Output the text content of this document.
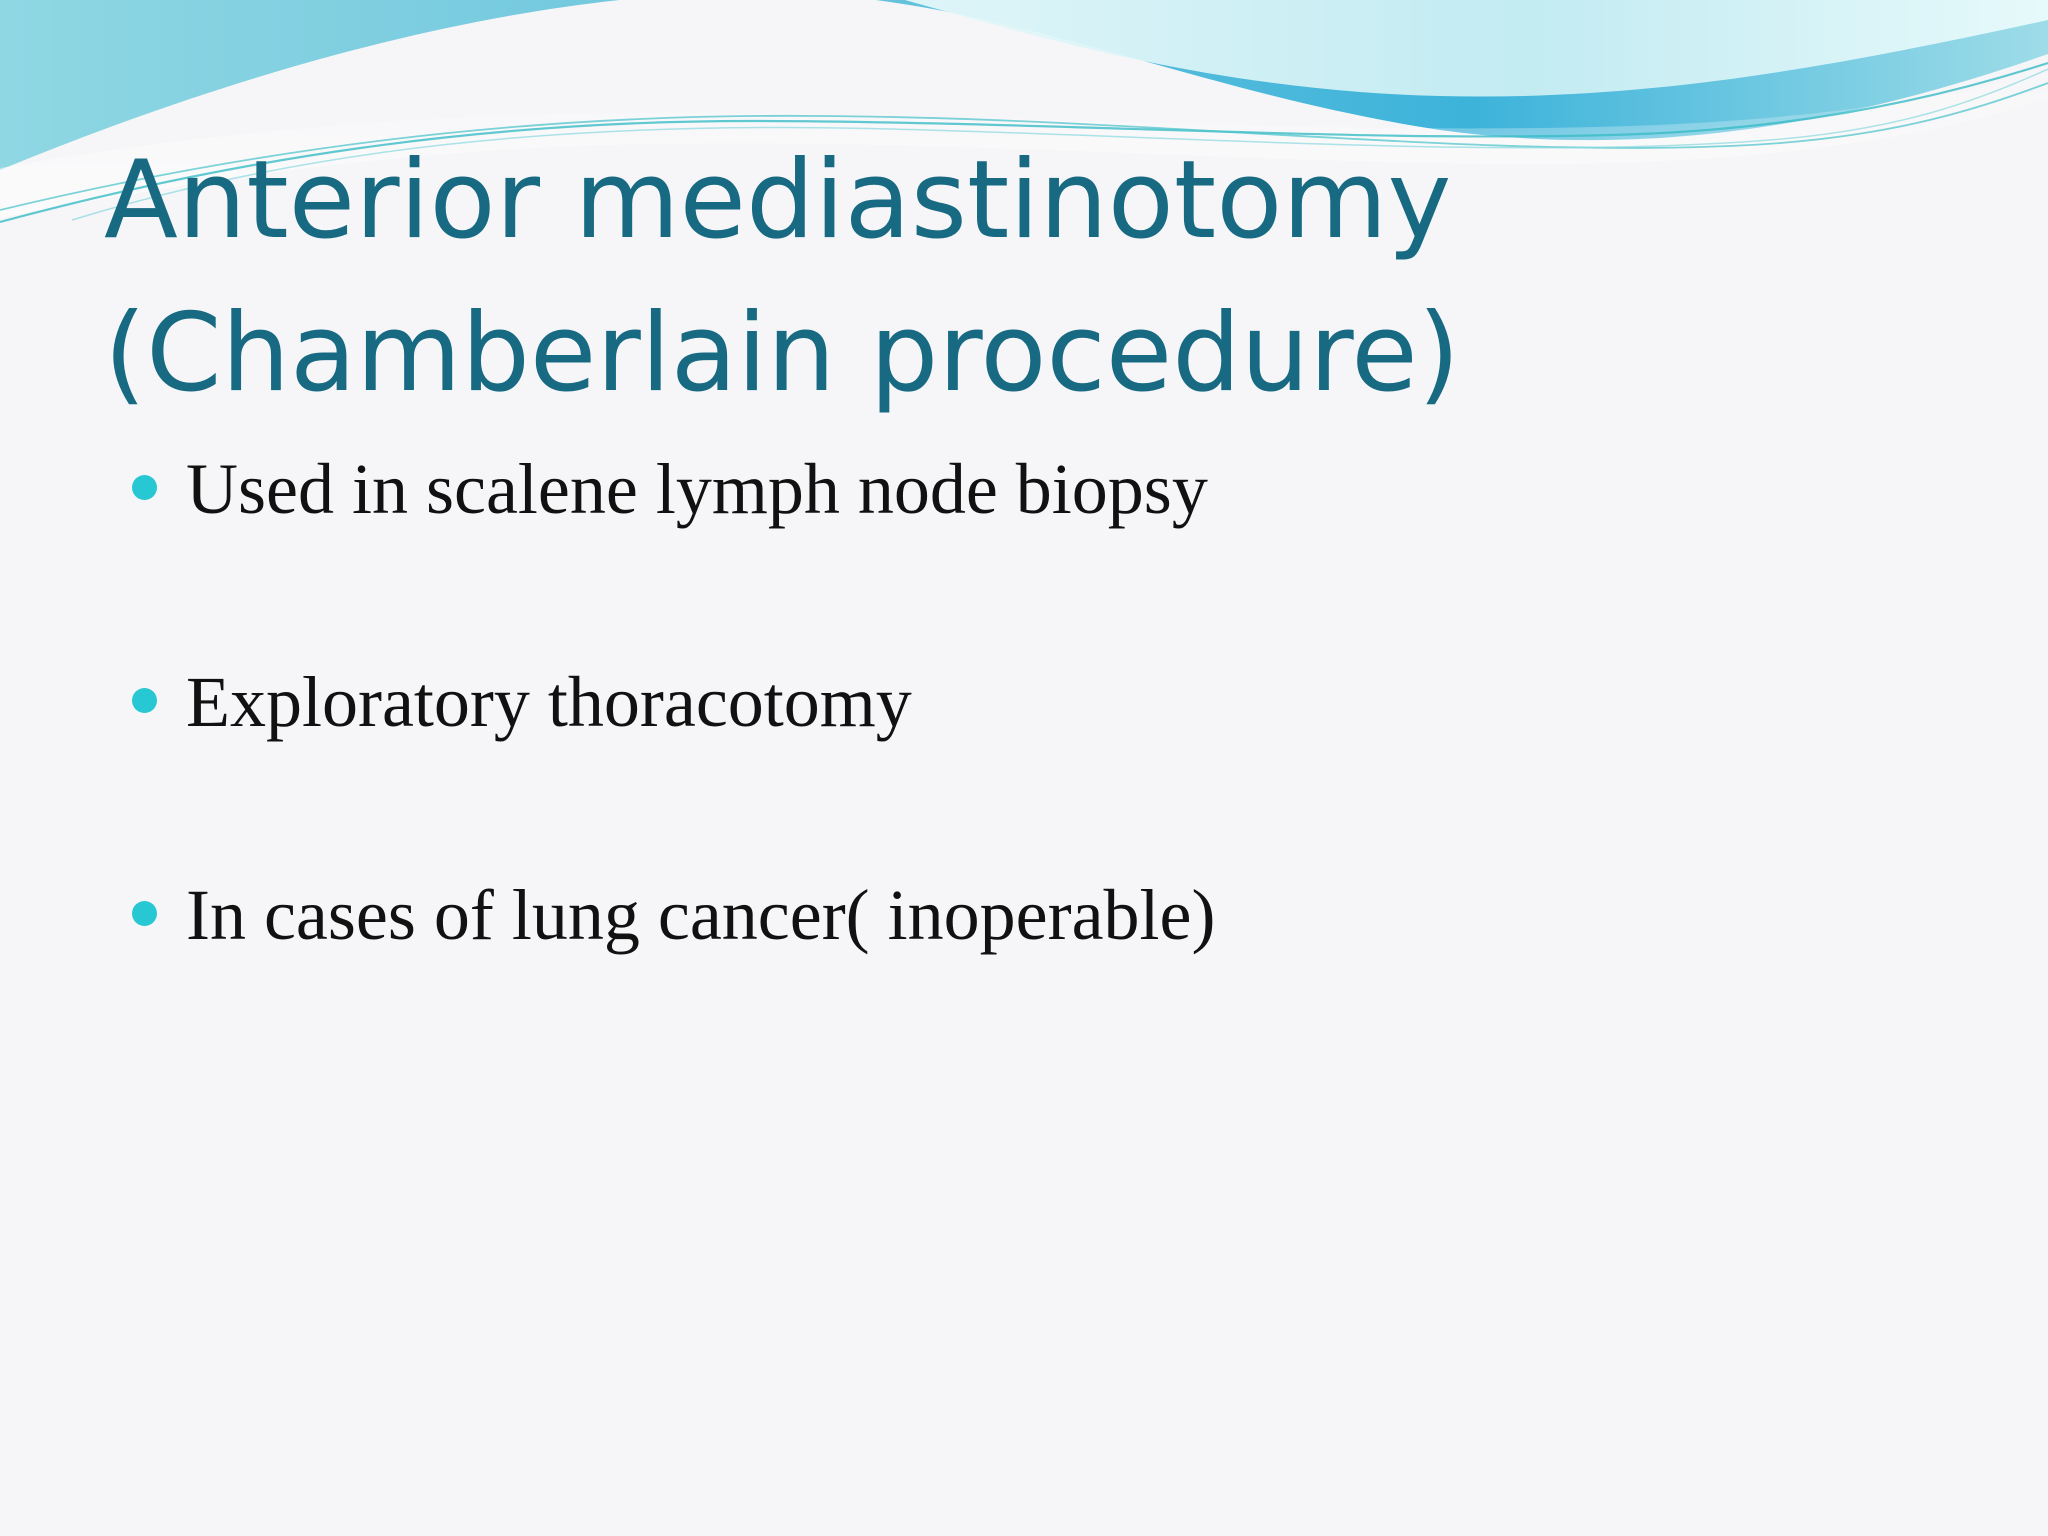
Anterior mediastinotomy
(Chamberlain procedure)
Used in scalene lymph node biopsy
Exploratory thoracotomy
In cases of lung cancer( inoperable)
